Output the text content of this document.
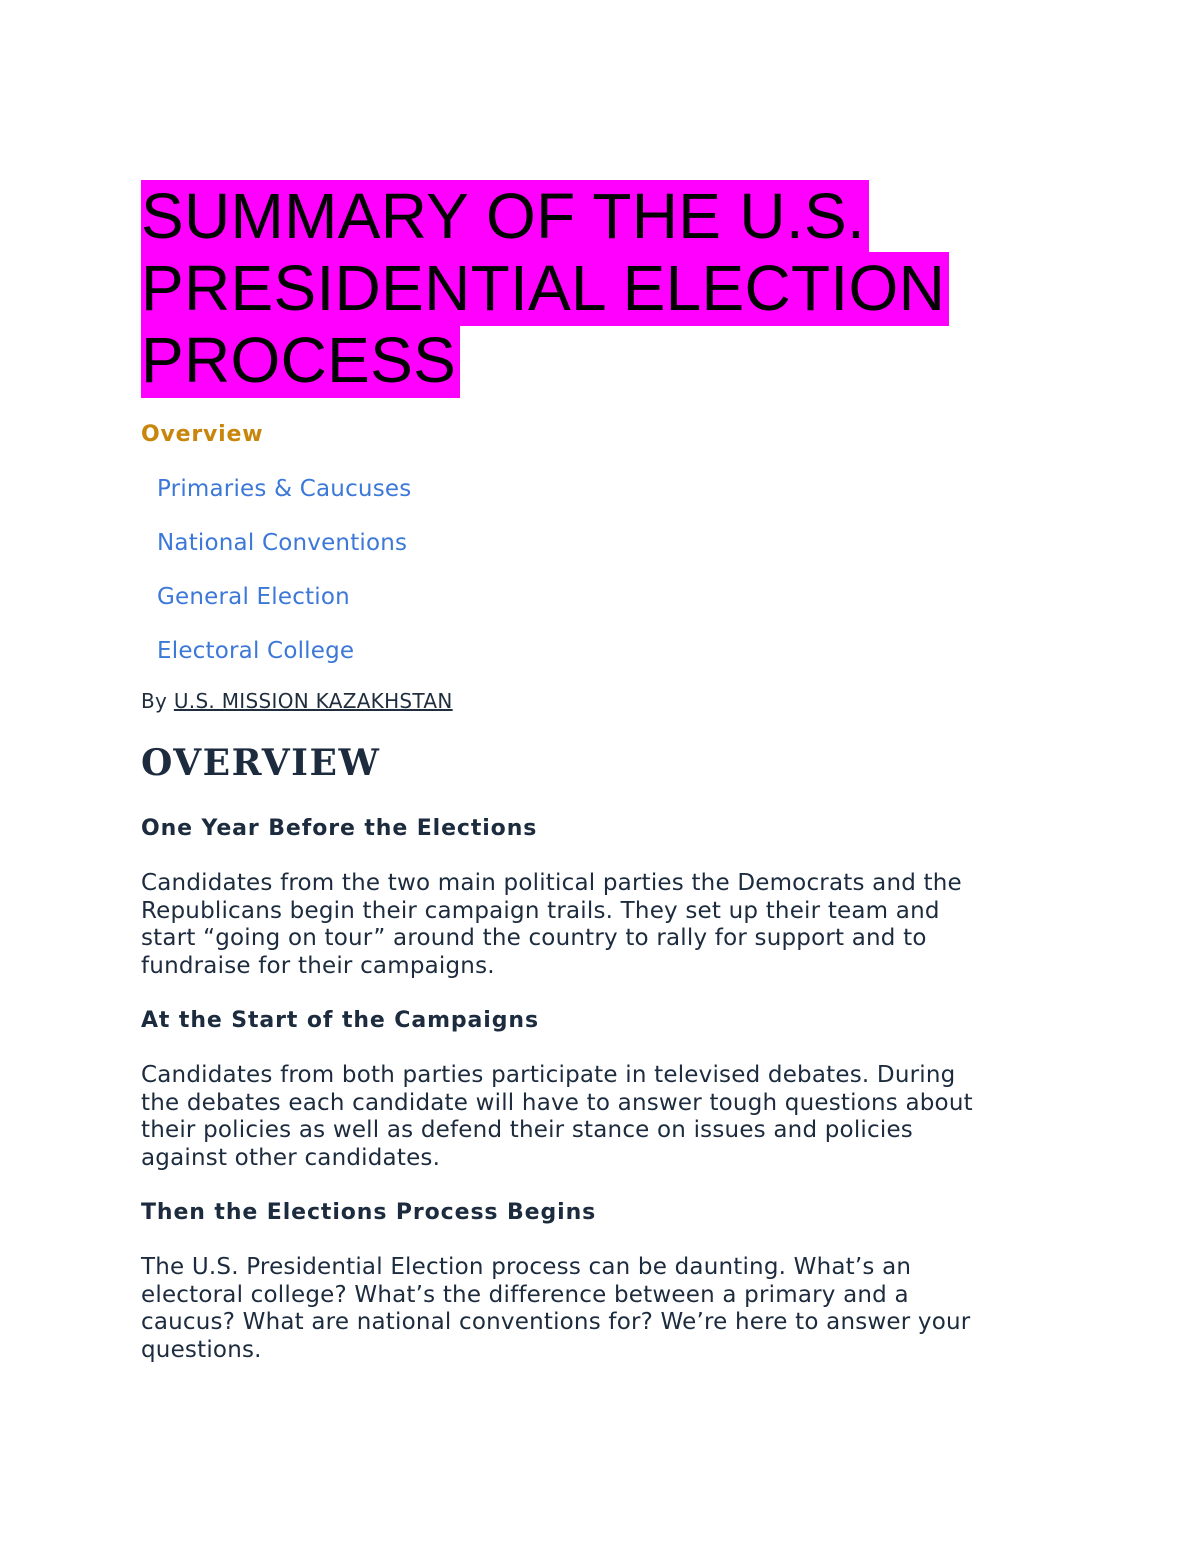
SUMMARY OF THE U.S.
PRESIDENTIAL ELECTION
PROCESS
Overview
Primaries & Caucuses
National Conventions
General Election
Electoral College
By U.S. MISSION KAZAKHSTAN
OVERVIEW
One Year Before the Elections

Candidates from the two main political parties the Democrats and the
Republicans begin their campaign trails. They set up their team and
start “going on tour” around the country to rally for support and to
fundraise for their campaigns.

At the Start of the Campaigns

Candidates from both parties participate in televised debates. During
the debates each candidate will have to answer tough questions about
their policies as well as defend their stance on issues and policies
against other candidates.

Then the Elections Process Begins

The U.S. Presidential Election process can be daunting. What’s an
electoral college? What’s the difference between a primary and a
caucus? What are national conventions for? We’re here to answer your
questions.
